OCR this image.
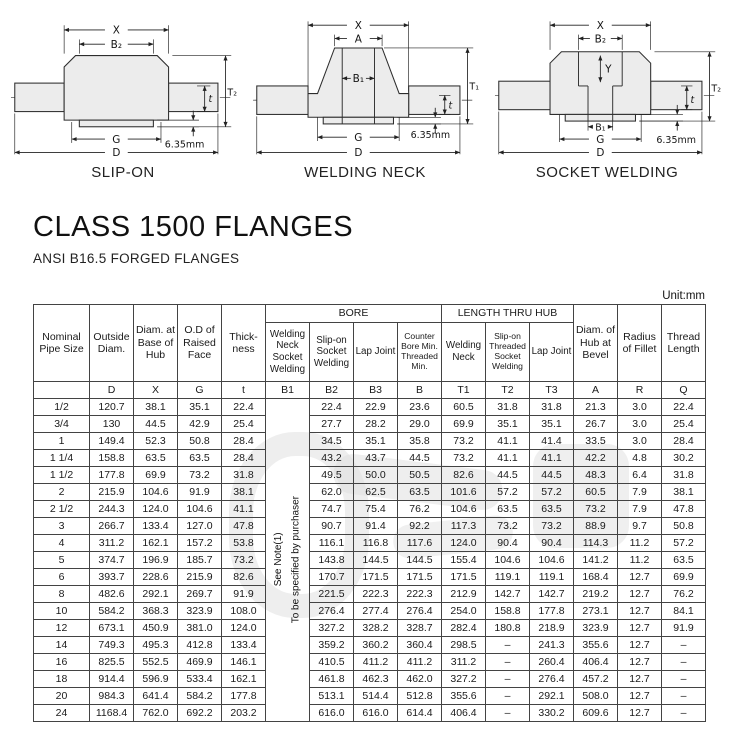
X
B₂
t
T₂
G
D
6.35mm
SLIP-ON
B₁
X
A
T₁
t
G
D
6.35mm
WELDING NECK
Y
X
B₂
B₁
G
D
t
T₂
6.35mm
SOCKET WELDING
CLASS 1500 FLANGES
ANSI B16.5 FORGED FLANGES
Unit:mm
Nominal Pipe Size	Outside Diam.	Diam. at Base of Hub	O.D of Raised Face	Thick-ness	BORE				LENGTH THRU HUB			Diam. of Hub at Bevel	Radius of Fillet	Thread Length
					Welding Neck Socket Welding	Slip-on Socket Welding	Lap Joint	Counter Bore Min. Threaded Min.	Welding Neck	Slip-on Threaded Socket Welding	Lap Joint			
	D	X	G	t	B1	B2	B3	B	T1	T2	T3	A	R	Q
1/2	120.7	38.1	35.1	22.4	See Note(1) To be specified by purchaser	22.4	22.9	23.6	60.5	31.8	31.8	21.3	3.0	22.4
3/4	130	44.5	42.9	25.4		27.7	28.2	29.0	69.9	35.1	35.1	26.7	3.0	25.4
1	149.4	52.3	50.8	28.4		34.5	35.1	35.8	73.2	41.1	41.4	33.5	3.0	28.4
1 1/4	158.8	63.5	63.5	28.4		43.2	43.7	44.5	73.2	41.1	41.1	42.2	4.8	30.2
1 1/2	177.8	69.9	73.2	31.8		49.5	50.0	50.5	82.6	44.5	44.5	48.3	6.4	31.8
2	215.9	104.6	91.9	38.1		62.0	62.5	63.5	101.6	57.2	57.2	60.5	7.9	38.1
2 1/2	244.3	124.0	104.6	41.1		74.7	75.4	76.2	104.6	63.5	63.5	73.2	7.9	47.8
3	266.7	133.4	127.0	47.8		90.7	91.4	92.2	117.3	73.2	73.2	88.9	9.7	50.8
4	311.2	162.1	157.2	53.8		116.1	116.8	117.6	124.0	90.4	90.4	114.3	11.2	57.2
5	374.7	196.9	185.7	73.2		143.8	144.5	144.5	155.4	104.6	104.6	141.2	11.2	63.5
6	393.7	228.6	215.9	82.6		170.7	171.5	171.5	171.5	119.1	119.1	168.4	12.7	69.9
8	482.6	292.1	269.7	91.9		221.5	222.3	222.3	212.9	142.7	142.7	219.2	12.7	76.2
10	584.2	368.3	323.9	108.0		276.4	277.4	276.4	254.0	158.8	177.8	273.1	12.7	84.1
12	673.1	450.9	381.0	124.0		327.2	328.2	328.7	282.4	180.8	218.9	323.9	12.7	91.9
14	749.3	495.3	412.8	133.4		359.2	360.2	360.4	298.5	–	241.3	355.6	12.7	–
16	825.5	552.5	469.9	146.1		410.5	411.2	411.2	311.2	–	260.4	406.4	12.7	–
18	914.4	596.9	533.4	162.1		461.8	462.3	462.0	327.2	–	276.4	457.2	12.7	–
20	984.3	641.4	584.2	177.8		513.1	514.4	512.8	355.6	–	292.1	508.0	12.7	–
24	1168.4	762.0	692.2	203.2		616.0	616.0	614.4	406.4	–	330.2	609.6	12.7	–
